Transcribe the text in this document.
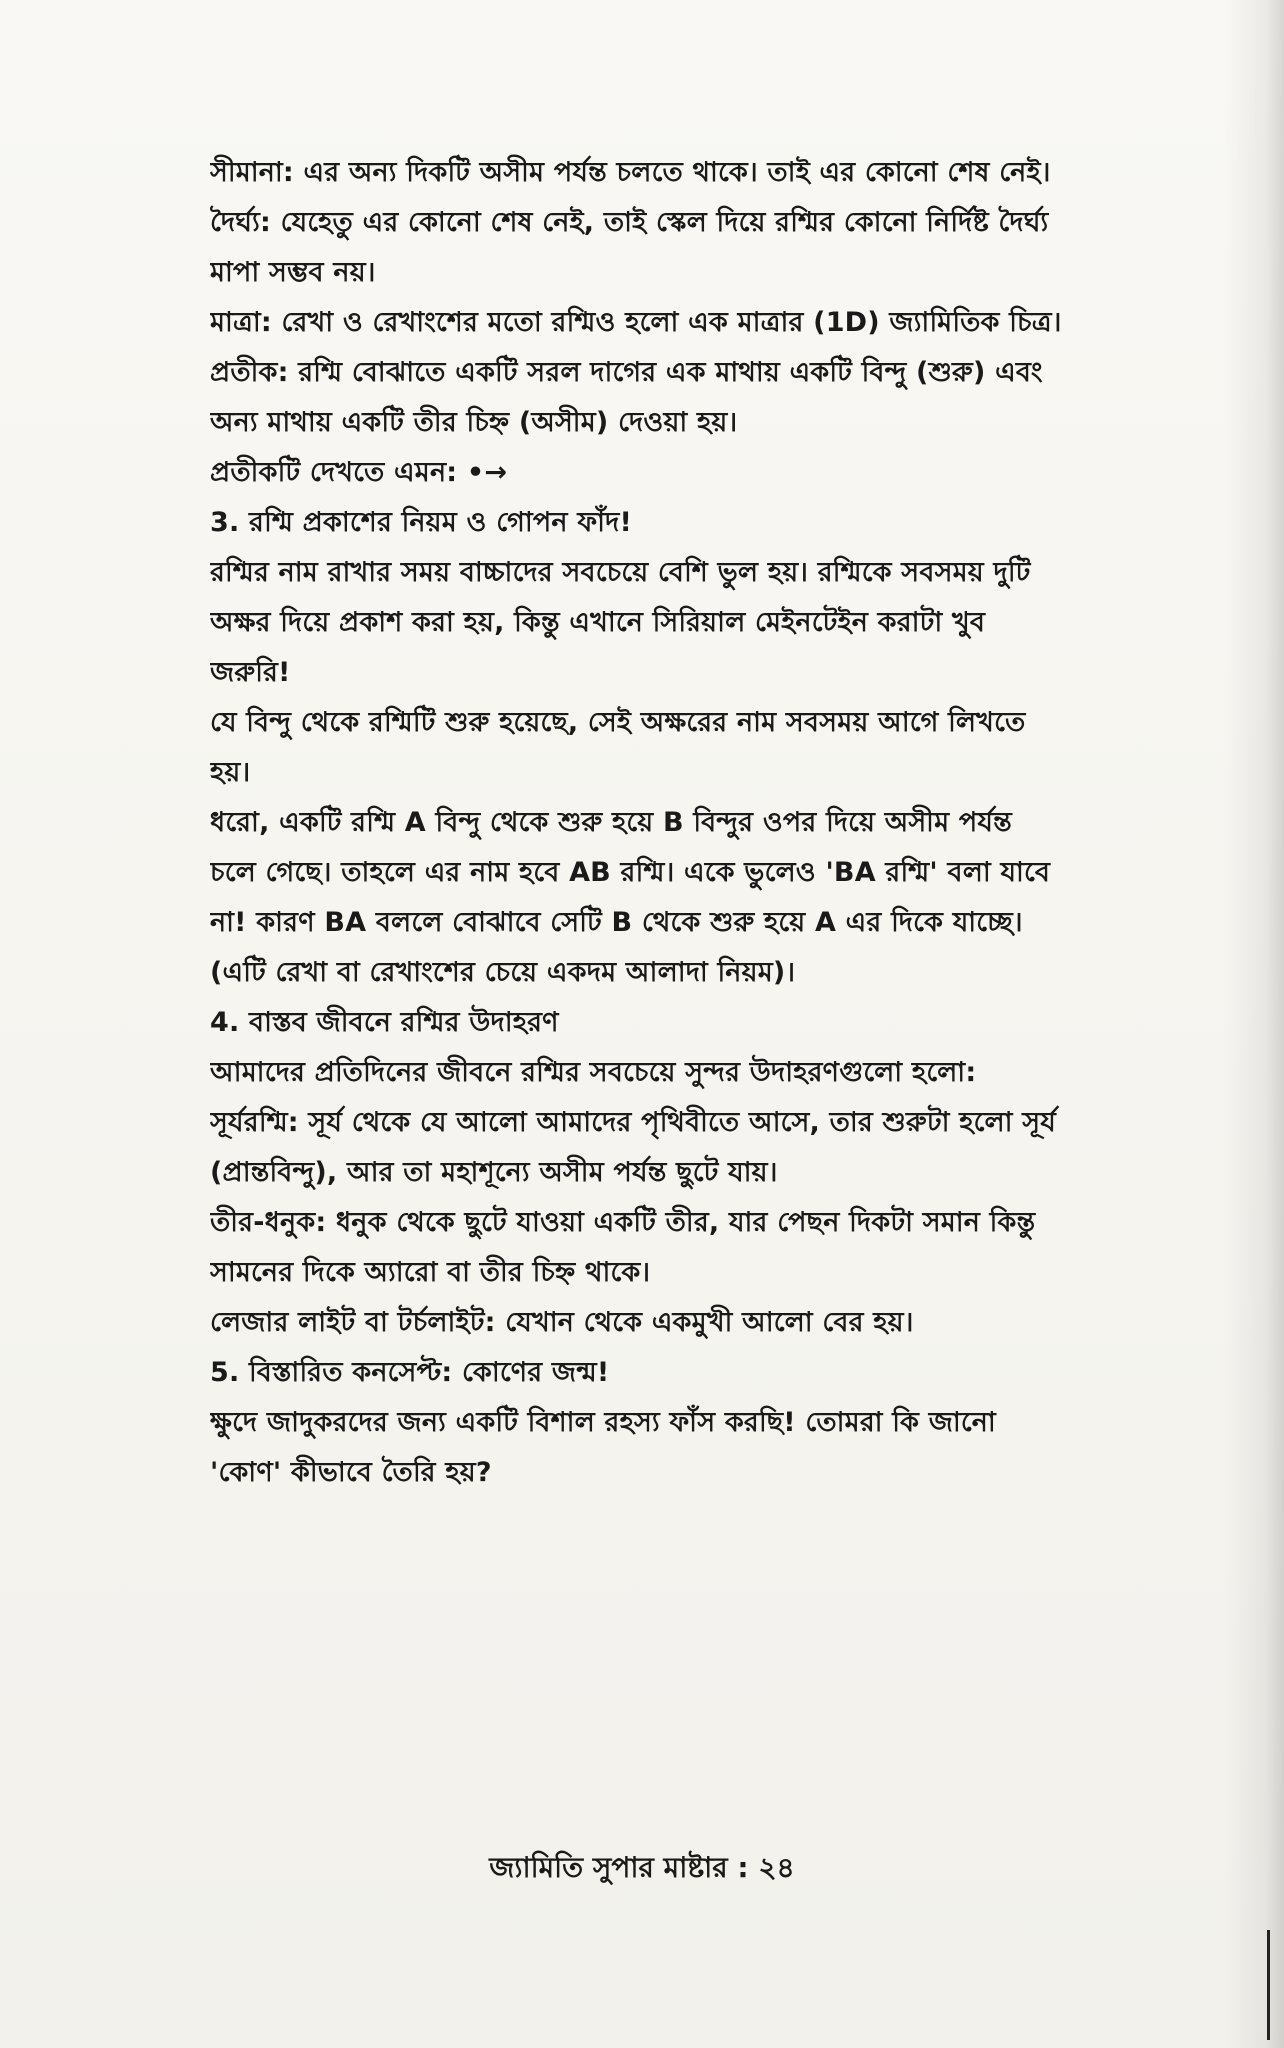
সীমানা: এর অন্য দিকটি অসীম পর্যন্ত চলতে থাকে। তাই এর কোনো শেষ নেই।
দৈর্ঘ্য: যেহেতু এর কোনো শেষ নেই, তাই স্কেল দিয়ে রশ্মির কোনো নির্দিষ্ট দৈর্ঘ্য
মাপা সম্ভব নয়।
মাত্রা: রেখা ও রেখাংশের মতো রশ্মিও হলো এক মাত্রার (1D) জ্যামিতিক চিত্র।
প্রতীক: রশ্মি বোঝাতে একটি সরল দাগের এক মাথায় একটি বিন্দু (শুরু) এবং
অন্য মাথায় একটি তীর চিহ্ন (অসীম) দেওয়া হয়।
প্রতীকটি দেখতে এমন: •→
3. রশ্মি প্রকাশের নিয়ম ও গোপন ফাঁদ!
রশ্মির নাম রাখার সময় বাচ্চাদের সবচেয়ে বেশি ভুল হয়। রশ্মিকে সবসময় দুটি
অক্ষর দিয়ে প্রকাশ করা হয়, কিন্তু এখানে সিরিয়াল মেইনটেইন করাটা খুব
জরুরি!
যে বিন্দু থেকে রশ্মিটি শুরু হয়েছে, সেই অক্ষরের নাম সবসময় আগে লিখতে
হয়।
ধরো, একটি রশ্মি A বিন্দু থেকে শুরু হয়ে B বিন্দুর ওপর দিয়ে অসীম পর্যন্ত
চলে গেছে। তাহলে এর নাম হবে AB রশ্মি। একে ভুলেও 'BA রশ্মি' বলা যাবে
না! কারণ BA বললে বোঝাবে সেটি B থেকে শুরু হয়ে A এর দিকে যাচ্ছে।
(এটি রেখা বা রেখাংশের চেয়ে একদম আলাদা নিয়ম)।
4. বাস্তব জীবনে রশ্মির উদাহরণ
আমাদের প্রতিদিনের জীবনে রশ্মির সবচেয়ে সুন্দর উদাহরণগুলো হলো:
সূর্যরশ্মি: সূর্য থেকে যে আলো আমাদের পৃথিবীতে আসে, তার শুরুটা হলো সূর্য
(প্রান্তবিন্দু), আর তা মহাশূন্যে অসীম পর্যন্ত ছুটে যায়।
তীর-ধনুক: ধনুক থেকে ছুটে যাওয়া একটি তীর, যার পেছন দিকটা সমান কিন্তু
সামনের দিকে অ্যারো বা তীর চিহ্ন থাকে।
লেজার লাইট বা টর্চলাইট: যেখান থেকে একমুখী আলো বের হয়।
5. বিস্তারিত কনসেপ্ট: কোণের জন্ম!
ক্ষুদে জাদুকরদের জন্য একটি বিশাল রহস্য ফাঁস করছি! তোমরা কি জানো
'কোণ' কীভাবে তৈরি হয়?
জ্যামিতি সুপার মাষ্টার : ২৪
